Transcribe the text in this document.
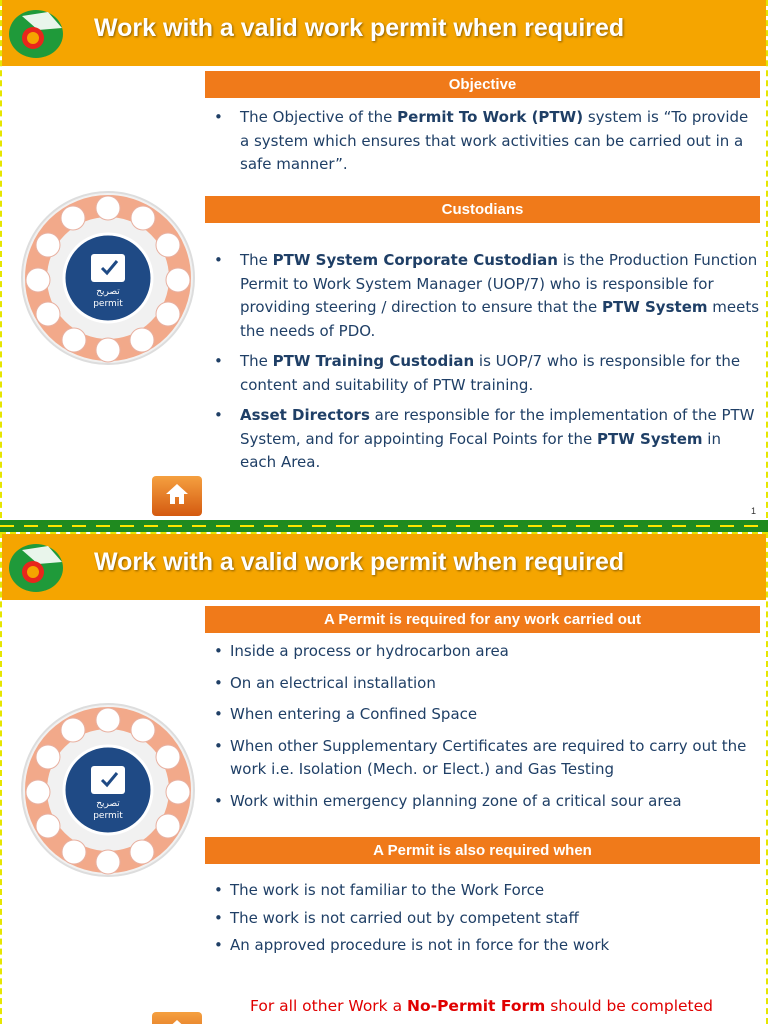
Work with a valid work permit when required
Objective
• The Objective of the Permit To Work (PTW) system is “To provide a system which ensures that work activities can be carried out in a safe manner”.
Custodians
• The PTW System Corporate Custodian is the Production Function Permit to Work System Manager (UOP/7) who is responsible for providing steering / direction to ensure that the PTW System meets the needs of PDO.
• The PTW Training Custodian is UOP/7 who is responsible for the content and suitability of PTW training.
• Asset Directors are responsible for the implementation of the PTW System, and for appointing Focal Points for the PTW System in each Area.
تصريح
permit
1
Work with a valid work permit when required
A Permit is required for any work carried out
• Inside a process or hydrocarbon area
• On an electrical installation
• When entering a Confined Space
• When other Supplementary Certificates are required to carry out the work i.e. Isolation (Mech. or Elect.) and Gas Testing
• Work within emergency planning zone of a critical sour area
A Permit is also required when
• The work is not familiar to the Work Force
• The work is not carried out by competent staff
• An approved procedure is not in force for the work
تصريح
permit
For all other Work a No-Permit Form should be completed
